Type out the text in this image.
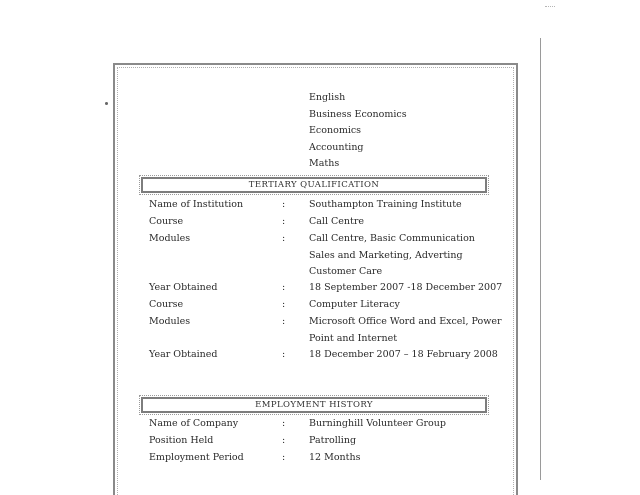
English
Business Economics
Economics
Accounting
Maths
TERTIARY QUALIFICATION
Name of Institution	:	Southampton Training Institute
Course	:	Call Centre
Modules	:	Call Centre, Basic Communication
Sales and Marketing, Adverting
Customer Care
Year Obtained	:	18 September 2007 -18 December 2007
Course	:	Computer Literacy
Modules	:	Microsoft Office Word and Excel, Power
Point and Internet
Year Obtained	:	18 December 2007 – 18 February 2008
EMPLOYMENT HISTORY
Name of Company	:	Burninghill Volunteer Group
Position Held	:	Patrolling
Employment Period	:	12 Months
